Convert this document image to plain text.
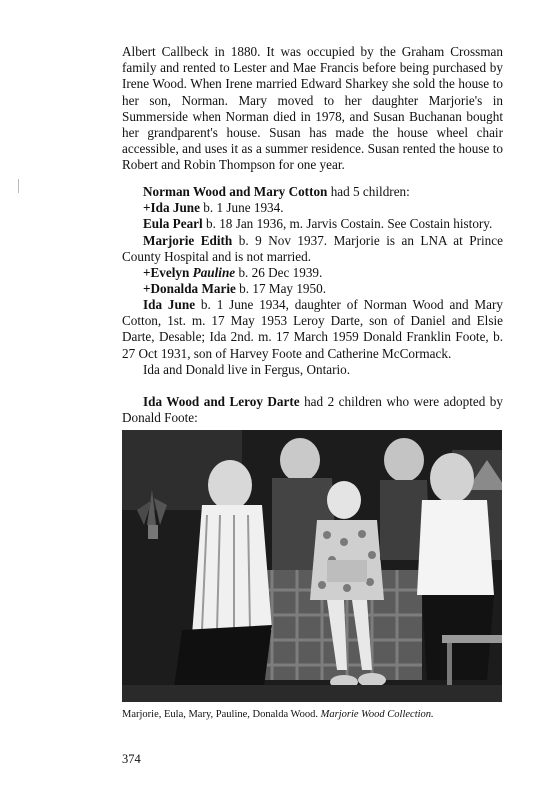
Albert Callbeck in 1880. It was occupied by the Graham Crossman family and rented to Lester and Mae Francis before being purchased by Irene Wood. When Irene married Edward Sharkey she sold the house to her son, Norman. Mary moved to her daughter Marjorie's in Summerside when Norman died in 1978, and Susan Buchanan bought her grandparent's house. Susan has made the house wheel chair accessible, and uses it as a summer residence. Susan rented the house to Robert and Robin Thompson for one year.

Norman Wood and Mary Cotton had 5 children:

+Ida June b. 1 June 1934.

Eula Pearl b. 18 Jan 1936, m. Jarvis Costain. See Costain history.

Marjorie Edith b. 9 Nov 1937. Marjorie is an LNA at Prince County Hospital and is not married.

+Evelyn Pauline b. 26 Dec 1939.

+Donalda Marie b. 17 May 1950.

Ida June b. 1 June 1934, daughter of Norman Wood and Mary Cotton, 1st. m. 17 May 1953 Leroy Darte, son of Daniel and Elsie Darte, Desable; Ida 2nd. m. 17 March 1959 Donald Franklin Foote, b. 27 Oct 1931, son of Harvey Foote and Catherine McCormack.

Ida and Donald live in Fergus, Ontario.

Ida Wood and Leroy Darte had 2 children who were adopted by Donald Foote:

Marjorie, Eula, Mary, Pauline, Donalda Wood. Marjorie Wood Collection.
374
